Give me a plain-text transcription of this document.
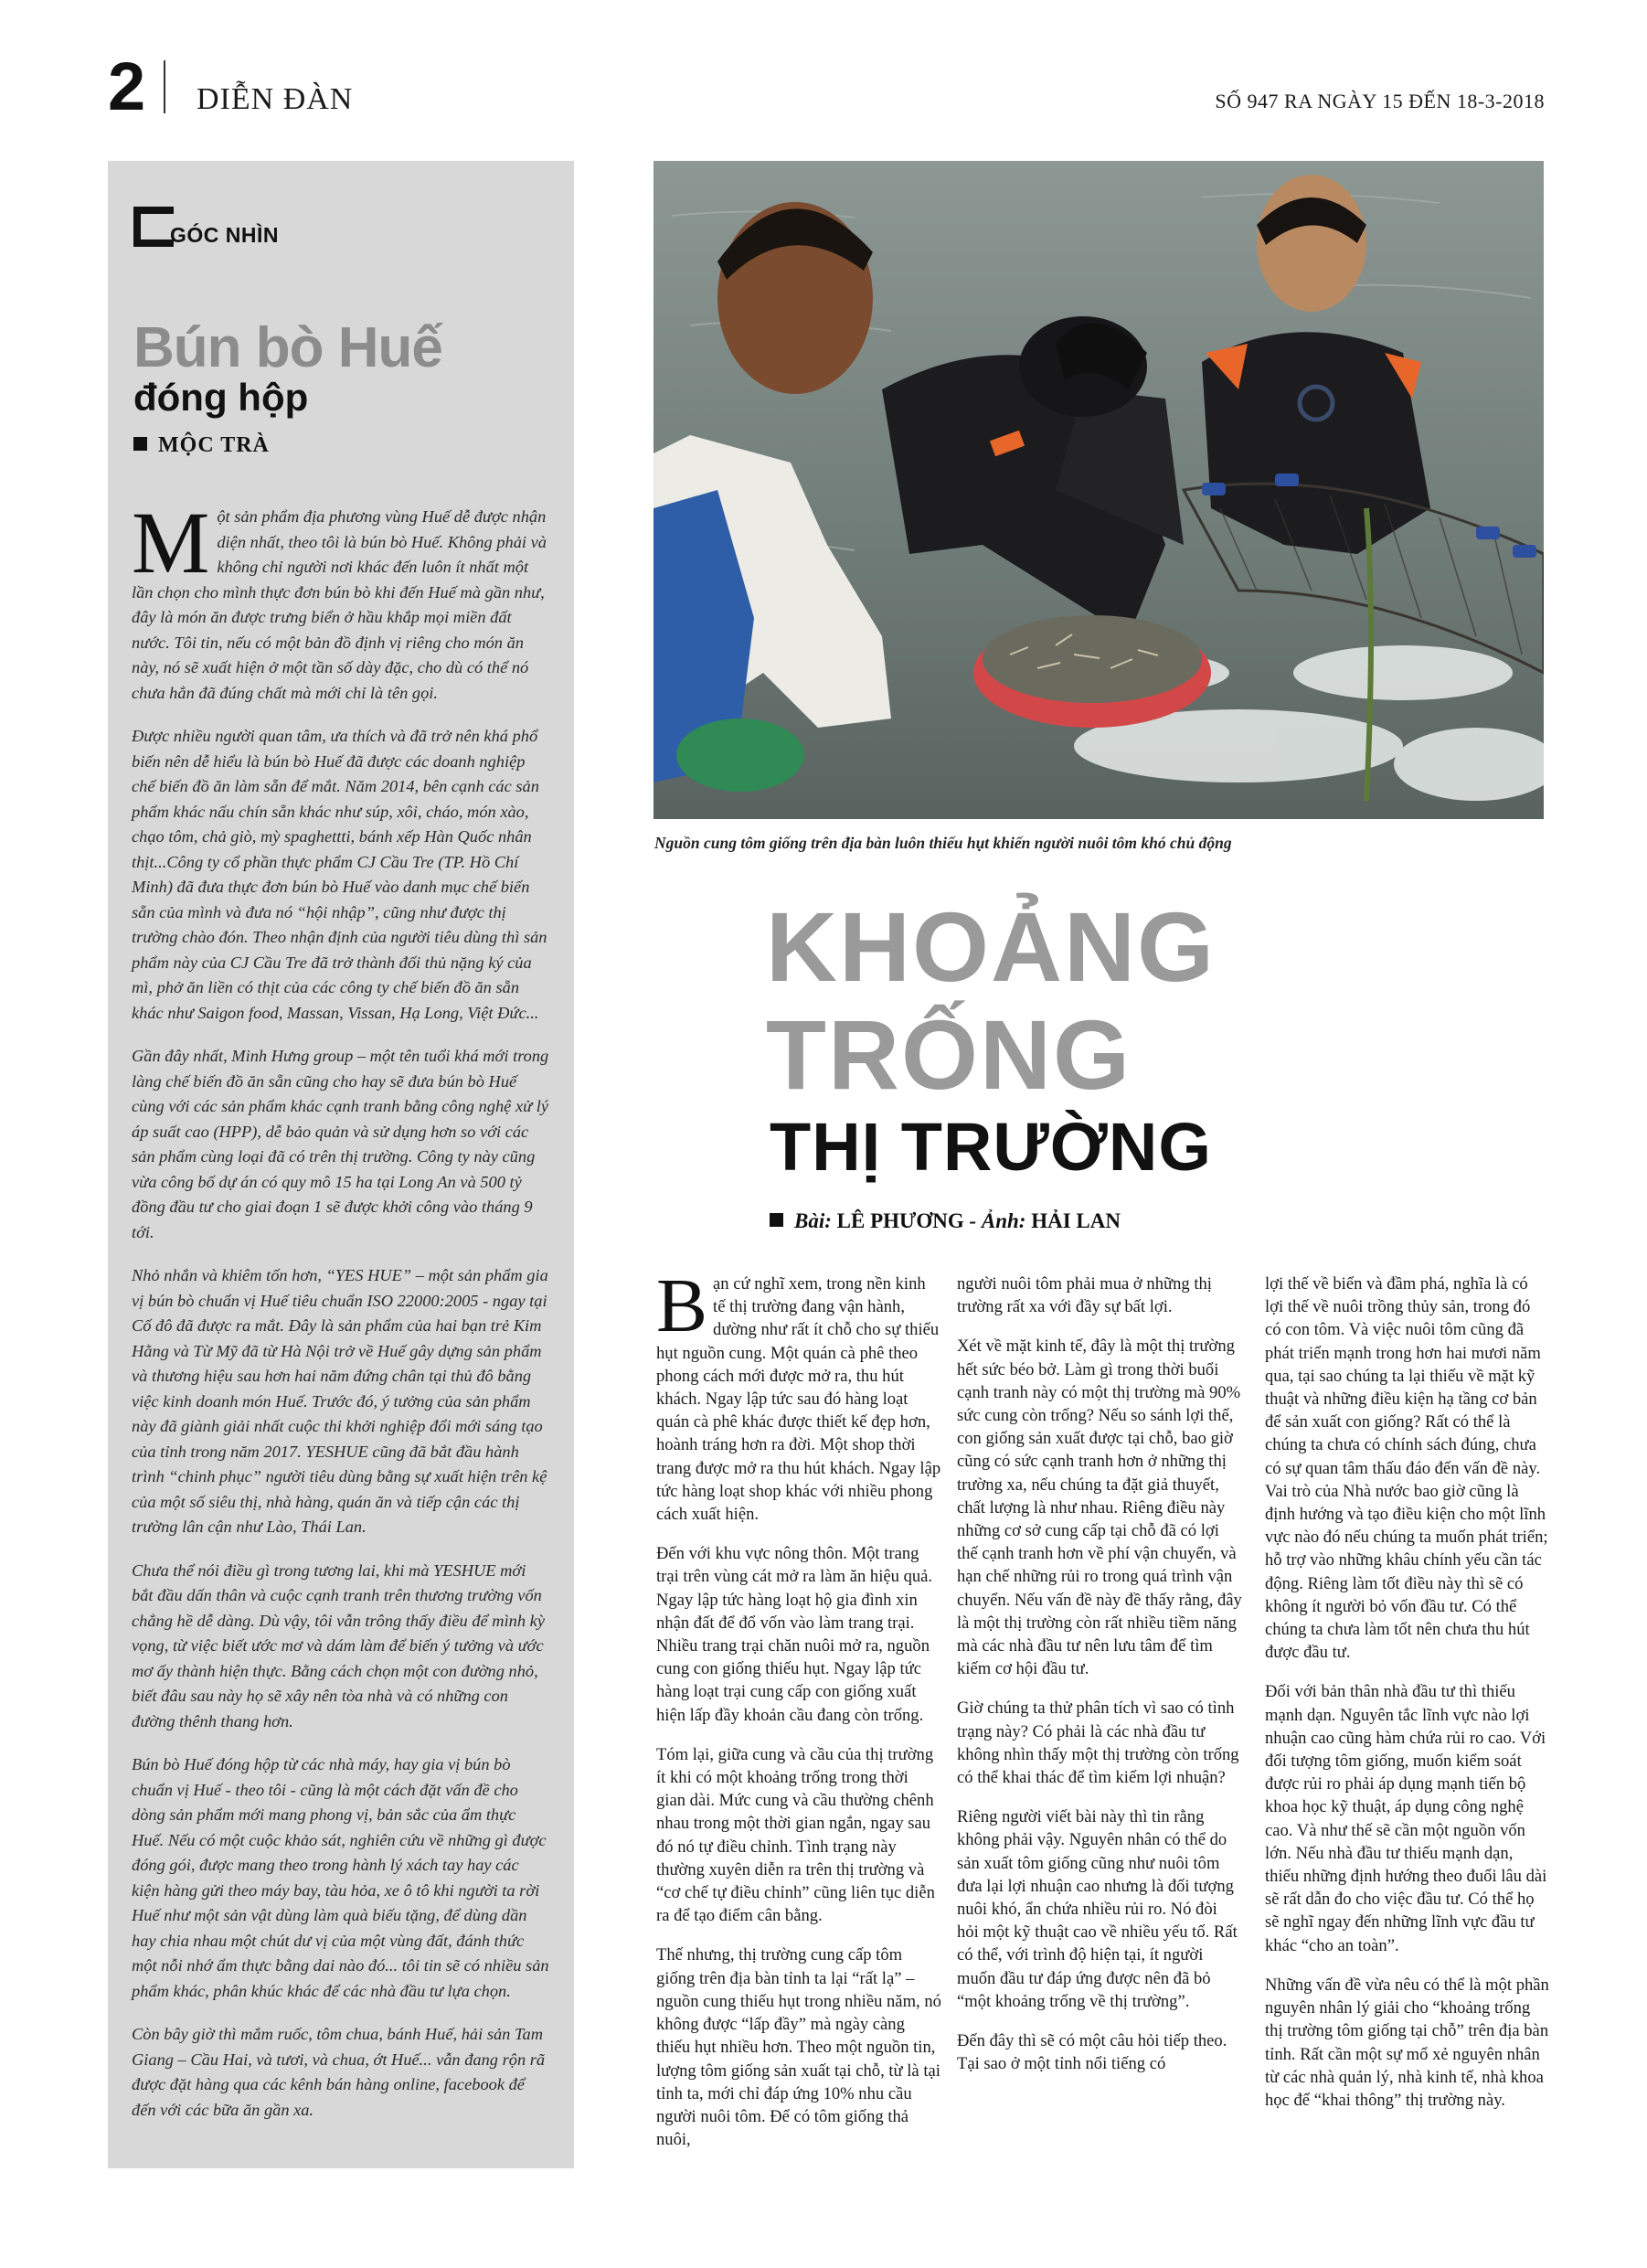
2 DIỄN ĐÀN	SỐ 947 RA NGÀY 15 ĐẾN 18-3-2018
GÓC NHÌN
Bún bò Huế
đóng hộp
MỘC TRÀ

Một sản phẩm địa phương vùng Huế dễ được nhận diện nhất, theo tôi là bún bò Huế. Không phải và không chỉ người nơi khác đến luôn ít nhất một lần chọn cho mình thực đơn bún bò khi đến Huế mà gần như, đây là món ăn được trưng biển ở hầu khắp mọi miền đất nước. Tôi tin, nếu có một bản đồ định vị riêng cho món ăn này, nó sẽ xuất hiện ở một tần số dày đặc, cho dù có thể nó chưa hẳn đã đúng chất mà mới chỉ là tên gọi.

Được nhiều người quan tâm, ưa thích và đã trở nên khá phổ biến nên dễ hiểu là bún bò Huế đã được các doanh nghiệp chế biến đồ ăn làm sẵn để mắt. Năm 2014, bên cạnh các sản phẩm khác nấu chín sẵn khác như súp, xôi, cháo, món xào, chạo tôm, chả giò, mỳ spaghettti, bánh xếp Hàn Quốc nhân thịt...Công ty cổ phần thực phẩm CJ Cầu Tre (TP. Hồ Chí Minh) đã đưa thực đơn bún bò Huế vào danh mục chế biến sẵn của mình và đưa nó “hội nhập”, cũng như được thị trường chào đón. Theo nhận định của người tiêu dùng thì sản phẩm này của CJ Cầu Tre đã trở thành đối thủ nặng ký của mì, phở ăn liền có thịt của các công ty chế biến đồ ăn sẵn khác như Saigon food, Massan, Vissan, Hạ Long, Việt Đức...

Gần đây nhất, Minh Hưng group – một tên tuổi khá mới trong làng chế biến đồ ăn sẵn cũng cho hay sẽ đưa bún bò Huế cùng với các sản phẩm khác cạnh tranh bằng công nghệ xử lý áp suất cao (HPP), dễ bảo quản và sử dụng hơn so với các sản phẩm cùng loại đã có trên thị trường. Công ty này cũng vừa công bố dự án có quy mô 15 ha tại Long An và 500 tỷ đồng đầu tư cho giai đoạn 1 sẽ được khởi công vào tháng 9 tới.

Nhỏ nhắn và khiêm tốn hơn, “YES HUE” – một sản phẩm gia vị bún bò chuẩn vị Huế tiêu chuẩn ISO 22000:2005 - ngay tại Cố đô đã được ra mắt. Đây là sản phẩm của hai bạn trẻ Kim Hằng và Từ Mỹ đã từ Hà Nội trở về Huế gây dựng sản phẩm và thương hiệu sau hơn hai năm đứng chân tại thủ đô bằng việc kinh doanh món Huế. Trước đó, ý tưởng của sản phẩm này đã giành giải nhất cuộc thi khởi nghiệp đổi mới sáng tạo của tỉnh trong năm 2017. YESHUE cũng đã bắt đầu hành trình “chinh phục” người tiêu dùng bằng sự xuất hiện trên kệ của một số siêu thị, nhà hàng, quán ăn và tiếp cận các thị trường lân cận như Lào, Thái Lan.

Chưa thể nói điều gì trong tương lai, khi mà YESHUE mới bắt đầu dấn thân và cuộc cạnh tranh trên thương trường vốn chẳng hề dễ dàng. Dù vậy, tôi vẫn trông thấy điều để mình kỳ vọng, từ việc biết ước mơ và dám làm để biến ý tưởng và ước mơ ấy thành hiện thực. Bằng cách chọn một con đường nhỏ, biết đâu sau này họ sẽ xây nên tòa nhà và có những con đường thênh thang hơn.

Bún bò Huế đóng hộp từ các nhà máy, hay gia vị bún bò chuẩn vị Huế - theo tôi - cũng là một cách đặt vấn đề cho dòng sản phẩm mới mang phong vị, bản sắc của ẩm thực Huế. Nếu có một cuộc khảo sát, nghiên cứu về những gì được đóng gói, được mang theo trong hành lý xách tay hay các kiện hàng gửi theo máy bay, tàu hỏa, xe ô tô khi người ta rời Huế như một sản vật dùng làm quà biếu tặng, để dùng dần hay chia nhau một chút dư vị của một vùng đất, đánh thức một nỗi nhớ ẩm thực bằng dai nào đó... tôi tin sẽ có nhiều sản phẩm khác, phân khúc khác để các nhà đầu tư lựa chọn.

Còn bây giờ thì mắm ruốc, tôm chua, bánh Huế, hải sản Tam Giang – Cầu Hai, và tươi, và chua, ớt Huế... vẫn đang rộn rã được đặt hàng qua các kênh bán hàng online, facebook để đến với các bữa ăn gần xa.

Nguồn cung tôm giống trên địa bàn luôn thiếu hụt khiến người nuôi tôm khó chủ động
KHOẢNG
TRỐNG
THỊ TRƯỜNG
Bài: LÊ PHƯƠNG - Ảnh: HẢI LAN

Bạn cứ nghĩ xem, trong nền kinh tế thị trường đang vận hành, dường như rất ít chỗ cho sự thiếu hụt nguồn cung. Một quán cà phê theo phong cách mới được mở ra, thu hút khách. Ngay lập tức sau đó hàng loạt quán cà phê khác được thiết kế đẹp hơn, hoành tráng hơn ra đời. Một shop thời trang được mở ra thu hút khách. Ngay lập tức hàng loạt shop khác với nhiều phong cách xuất hiện.

Đến với khu vực nông thôn. Một trang trại trên vùng cát mở ra làm ăn hiệu quả. Ngay lập tức hàng loạt hộ gia đình xin nhận đất để đổ vốn vào làm trang trại. Nhiều trang trại chăn nuôi mở ra, nguồn cung con giống thiếu hụt. Ngay lập tức hàng loạt trại cung cấp con giống xuất hiện lấp đầy khoản cầu đang còn trống.

Tóm lại, giữa cung và cầu của thị trường ít khi có một khoảng trống trong thời gian dài. Mức cung và cầu thường chênh nhau trong một thời gian ngắn, ngay sau đó nó tự điều chỉnh. Tình trạng này thường xuyên diễn ra trên thị trường và “cơ chế tự điều chỉnh” cũng liên tục diễn ra để tạo điểm cân bằng.

Thế nhưng, thị trường cung cấp tôm giống trên địa bàn tỉnh ta lại “rất lạ” – nguồn cung thiếu hụt trong nhiều năm, nó không được “lấp đầy” mà ngày càng thiếu hụt nhiều hơn. Theo một nguồn tin, lượng tôm giống sản xuất tại chỗ, từ là tại tỉnh ta, mới chỉ đáp ứng 10% nhu cầu người nuôi tôm. Để có tôm giống thả nuôi,

người nuôi tôm phải mua ở những thị trường rất xa với đầy sự bất lợi.

Xét về mặt kinh tế, đây là một thị trường hết sức béo bở. Làm gì trong thời buổi cạnh tranh này có một thị trường mà 90% sức cung còn trống? Nếu so sánh lợi thế, con giống sản xuất được tại chỗ, bao giờ cũng có sức cạnh tranh hơn ở những thị trường xa, nếu chúng ta đặt giả thuyết, chất lượng là như nhau. Riêng điều này những cơ sở cung cấp tại chỗ đã có lợi thế cạnh tranh hơn về phí vận chuyển, và hạn chế những rủi ro trong quá trình vận chuyển. Nếu vấn đề này đề thấy rằng, đây là một thị trường còn rất nhiều tiềm năng mà các nhà đầu tư nên lưu tâm để tìm kiếm cơ hội đầu tư.

Giờ chúng ta thử phân tích vì sao có tình trạng này? Có phải là các nhà đầu tư không nhìn thấy một thị trường còn trống có thể khai thác để tìm kiếm lợi nhuận?

Riêng người viết bài này thì tin rằng không phải vậy. Nguyên nhân có thể do sản xuất tôm giống cũng như nuôi tôm đưa lại lợi nhuận cao nhưng là đối tượng nuôi khó, ẩn chứa nhiều rủi ro. Nó đòi hỏi một kỹ thuật cao về nhiều yếu tố. Rất có thể, với trình độ hiện tại, ít người muốn đầu tư đáp ứng được nên đã bỏ “một khoảng trống về thị trường”.

Đến đây thì sẽ có một câu hỏi tiếp theo. Tại sao ở một tỉnh nổi tiếng có

lợi thế về biển và đầm phá, nghĩa là có lợi thế về nuôi trồng thủy sản, trong đó có con tôm. Và việc nuôi tôm cũng đã phát triển mạnh trong hơn hai mươi năm qua, tại sao chúng ta lại thiếu về mặt kỹ thuật và những điều kiện hạ tầng cơ bản để sản xuất con giống? Rất có thể là chúng ta chưa có chính sách đúng, chưa có sự quan tâm thấu đáo đến vấn đề này. Vai trò của Nhà nước bao giờ cũng là định hướng và tạo điều kiện cho một lĩnh vực nào đó nếu chúng ta muốn phát triển; hỗ trợ vào những khâu chính yếu cần tác động. Riêng làm tốt điều này thì sẽ có không ít người bỏ vốn đầu tư. Có thể chúng ta chưa làm tốt nên chưa thu hút được đầu tư.

Đối với bản thân nhà đầu tư thì thiếu mạnh dạn. Nguyên tắc lĩnh vực nào lợi nhuận cao cũng hàm chứa rủi ro cao. Với đối tượng tôm giống, muốn kiểm soát được rủi ro phải áp dụng mạnh tiến bộ khoa học kỹ thuật, áp dụng công nghệ cao. Và như thế sẽ cần một nguồn vốn lớn. Nếu nhà đầu tư thiếu mạnh dạn, thiếu những định hướng theo đuổi lâu dài sẽ rất dẫn đo cho việc đầu tư. Có thể họ sẽ nghĩ ngay đến những lĩnh vực đầu tư khác “cho an toàn”.

Những vấn đề vừa nêu có thể là một phần nguyên nhân lý giải cho “khoảng trống thị trường tôm giống tại chỗ” trên địa bàn tỉnh. Rất cần một sự mổ xẻ nguyên nhân từ các nhà quản lý, nhà kinh tế, nhà khoa học để “khai thông” thị trường này.
